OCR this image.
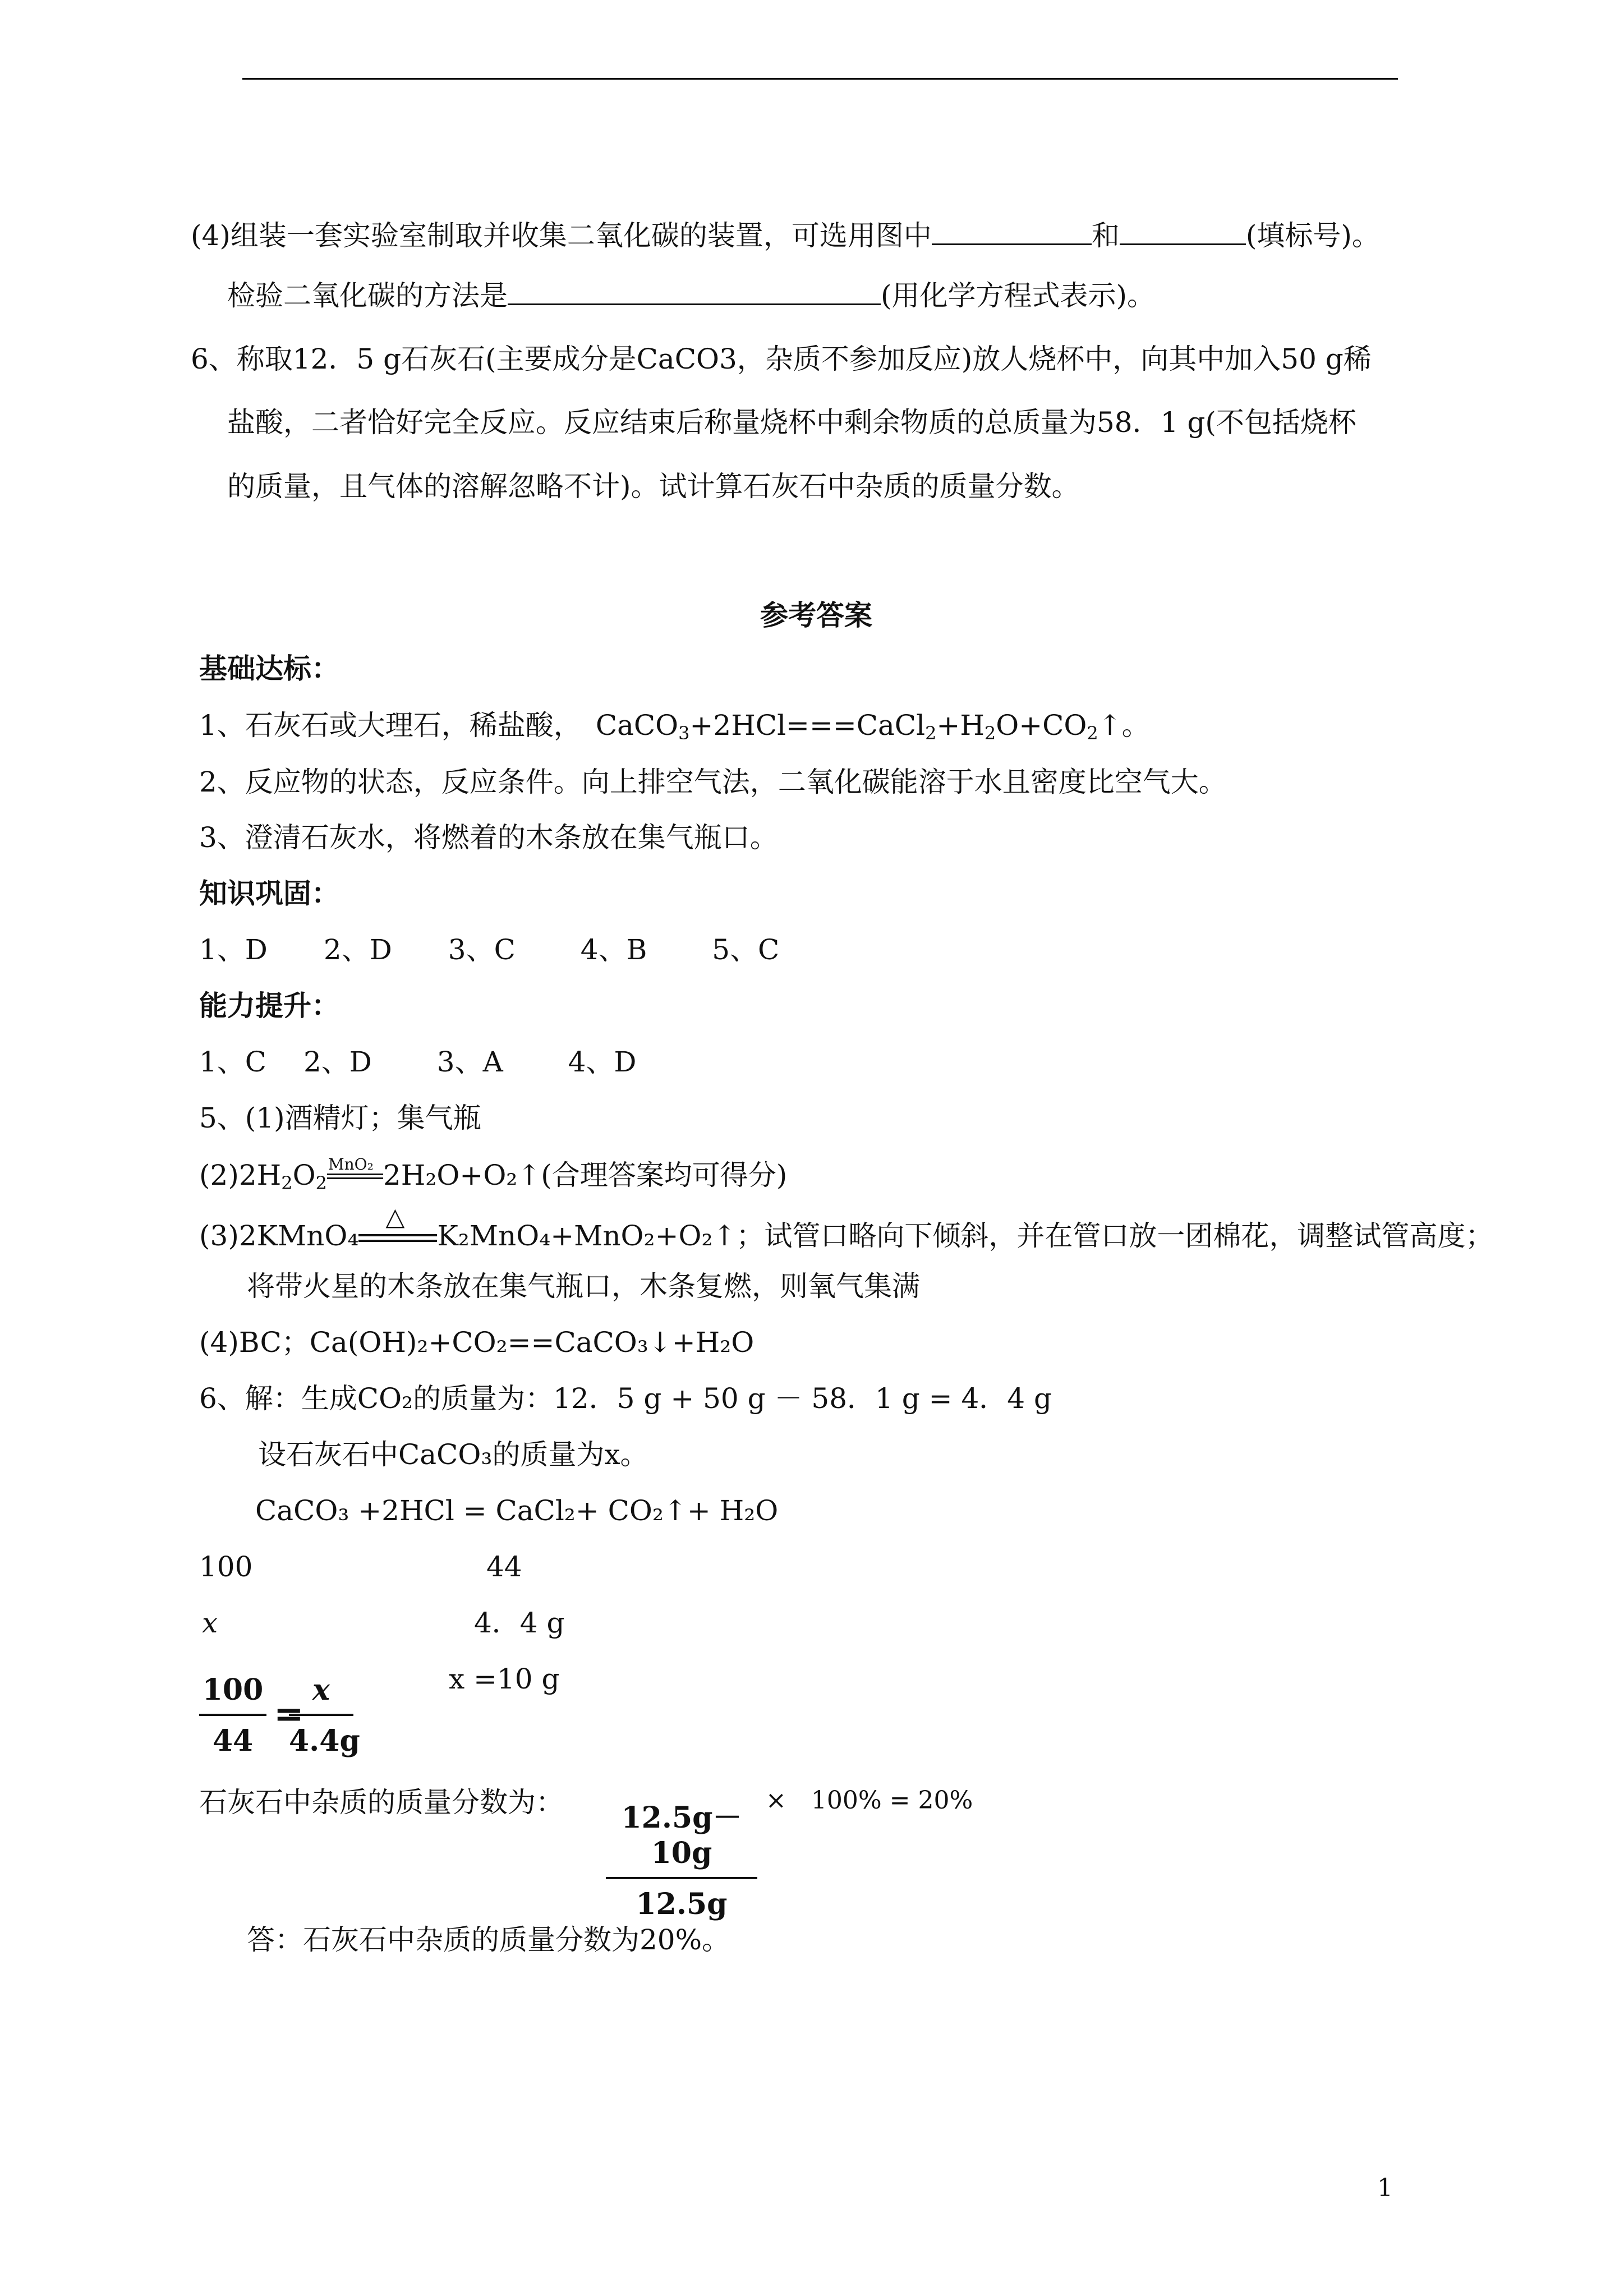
(4)组装一套实验室制取并收集二氧化碳的装置，可选用图中	和	(填标号)。
检验二氧化碳的方法是	(用化学方程式表示)。
6、称取12．5 g石灰石(主要成分是CaCO3，杂质不参加反应)放人烧杯中，向其中加入50 g稀
盐酸，二者恰好完全反应。反应结束后称量烧杯中剩余物质的总质量为58．1 g(不包括烧杯
的质量，且气体的溶解忽略不计)。试计算石灰石中杂质的质量分数。
参考答案
基础达标：
1、石灰石或大理石，稀盐酸，　 $CaCO_3+2HCl===CaCl_2+H_2O+CO_2↑$。
2、反应物的状态，反应条件。向上排空气法，二氧化碳能溶于水且密度比空气大。
3、澄清石灰水，将燃着的木条放在集气瓶口。
知识巩固：
1、D　　2、D　　3、C　　 4、B　　 5、C
能力提升：
1、C　 2、D　　 3、A　　 4、D
5、(1)酒精灯；集气瓶
$(2)2H_2O_2$
MnO₂ 2H₂O+O₂↑(合理答案均可得分)
(3)2KMnO₄
△
K₂MnO₄+MnO₂+O₂↑；试管口略向下倾斜，并在管口放一团棉花，调整试管高度；
将带火星的木条放在集气瓶口，木条复燃，则氧气集满
(4)BC；Ca(OH)₂+CO₂==CaCO₃↓+H₂O
6、解：生成CO₂的质量为：12．5 g + 50 g － 58．1 g = 4．4 g
设石灰石中CaCO₃的质量为x。
CaCO₃ +2HCl = CaCl₂+ CO₂↑+ H₂O
100	44
x	4．4 g
x =10 g
$\frac{100}{44}$ =
$\frac{x}{4.4g}$
石灰石中杂质的质量分数为： $\frac{12.5g-10g}{12.5g}$ ×　100% = 20%
答：石灰石中杂质的质量分数为20%。
1
